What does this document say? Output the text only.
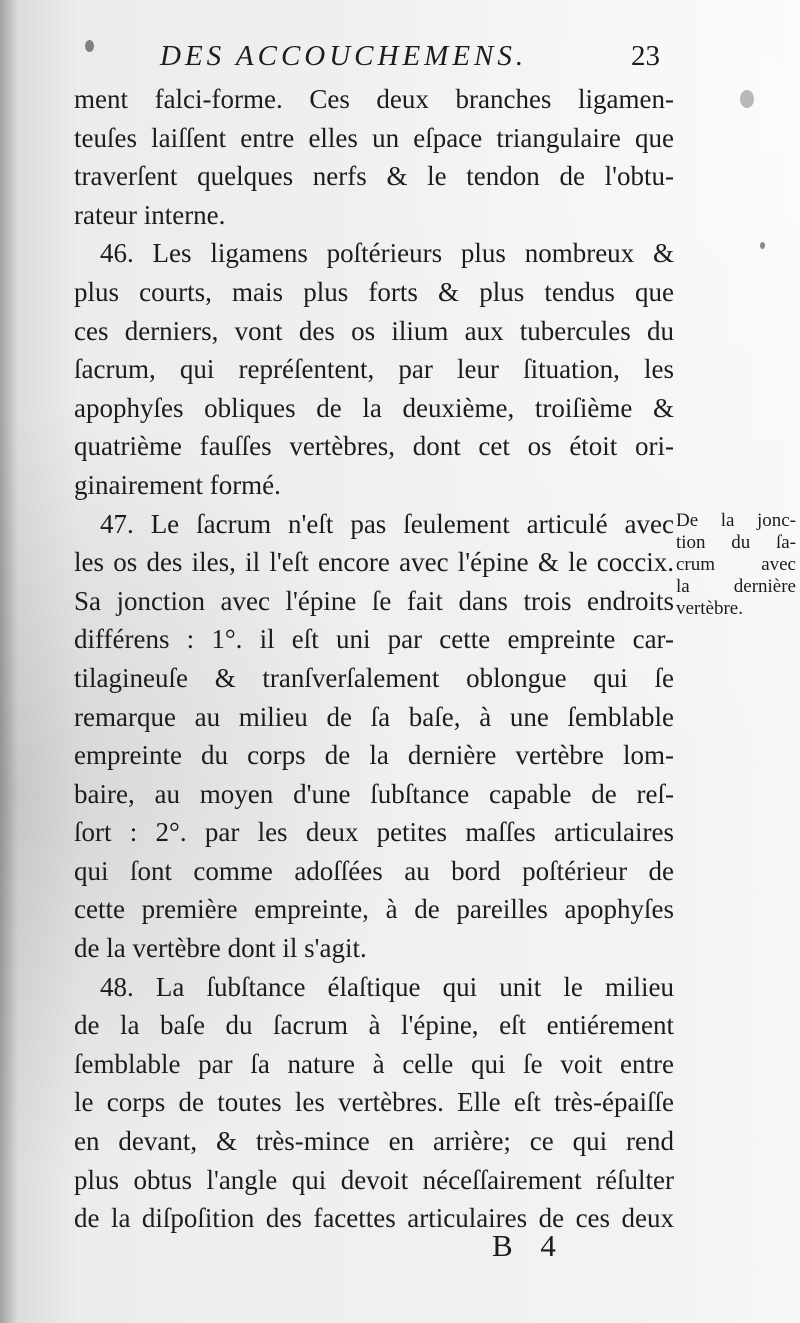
DES ACCOUCHEMENS.	23
ment falci-forme. Ces deux branches ligamen-
teuſes laiſſent entre elles un eſpace triangulaire que
traverſent quelques nerfs & le tendon de l'obtu-
rateur interne.
46. Les ligamens poſtérieurs plus nombreux &
plus courts, mais plus forts & plus tendus que
ces derniers, vont des os ilium aux tubercules du
ſacrum, qui repréſentent, par leur ſituation, les
apophyſes obliques de la deuxième, troiſième &
quatrième fauſſes vertèbres, dont cet os étoit ori-
ginairement formé.
47. Le ſacrum n'eſt pas ſeulement articulé avec
les os des iles, il l'eſt encore avec l'épine & le coccix.
Sa jonction avec l'épine ſe fait dans trois endroits
différens : 1°. il eſt uni par cette empreinte car-
tilagineuſe & tranſverſalement oblongue qui ſe
remarque au milieu de ſa baſe, à une ſemblable
empreinte du corps de la dernière vertèbre lom-
baire, au moyen d'une ſubſtance capable de reſ-
ſort : 2°. par les deux petites maſſes articulaires
qui ſont comme adoſſées au bord poſtérieur de
cette première empreinte, à de pareilles apophyſes
de la vertèbre dont il s'agit.
48. La ſubſtance élaſtique qui unit le milieu
de la baſe du ſacrum à l'épine, eſt entiérement
ſemblable par ſa nature à celle qui ſe voit entre
le corps de toutes les vertèbres. Elle eſt très-épaiſſe
en devant, & très-mince en arrière; ce qui rend
plus obtus l'angle qui devoit néceſſairement réſulter
de la diſpoſition des facettes articulaires de ces deux
De la jonc-
tion du ſa-
crum avec
la dernière
vertèbre.
B 4
